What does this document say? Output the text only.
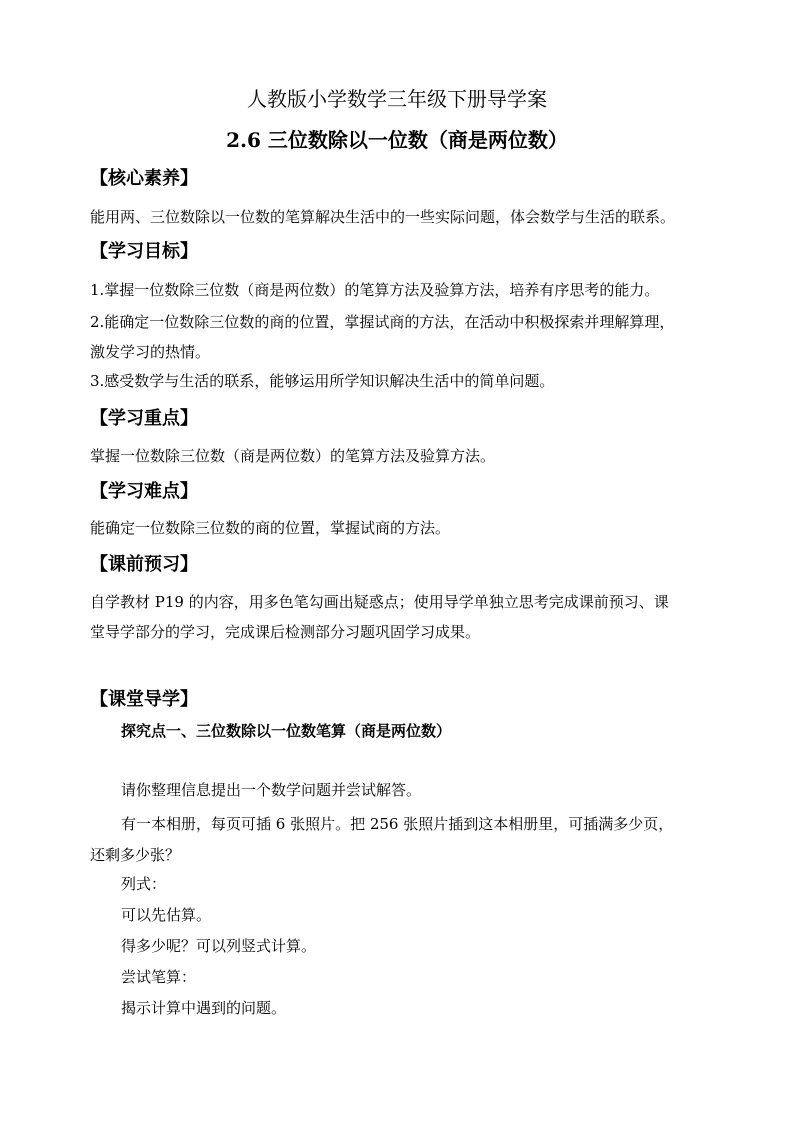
人教版小学数学三年级下册导学案
2.6 三位数除以一位数（商是两位数）
【核心素养】
能用两、三位数除以一位数的笔算解决生活中的一些实际问题，体会数学与生活的联系。
【学习目标】
1.掌握一位数除三位数（商是两位数）的笔算方法及验算方法，培养有序思考的能力。
2.能确定一位数除三位数的商的位置，掌握试商的方法，在活动中积极探索并理解算理，
激发学习的热情。
3.感受数学与生活的联系，能够运用所学知识解决生活中的简单问题。
【学习重点】
掌握一位数除三位数（商是两位数）的笔算方法及验算方法。
【学习难点】
能确定一位数除三位数的商的位置，掌握试商的方法。
【课前预习】
自学教材 P19 的内容，用多色笔勾画出疑惑点；使用导学单独立思考完成课前预习、课
堂导学部分的学习，完成课后检测部分习题巩固学习成果。
【课堂导学】
探究点一、三位数除以一位数笔算（商是两位数）
请你整理信息提出一个数学问题并尝试解答。
有一本相册，每页可插 6 张照片。把 256 张照片插到这本相册里，可插满多少页，
还剩多少张？
列式：
可以先估算。
得多少呢？可以列竖式计算。
尝试笔算：
揭示计算中遇到的问题。
